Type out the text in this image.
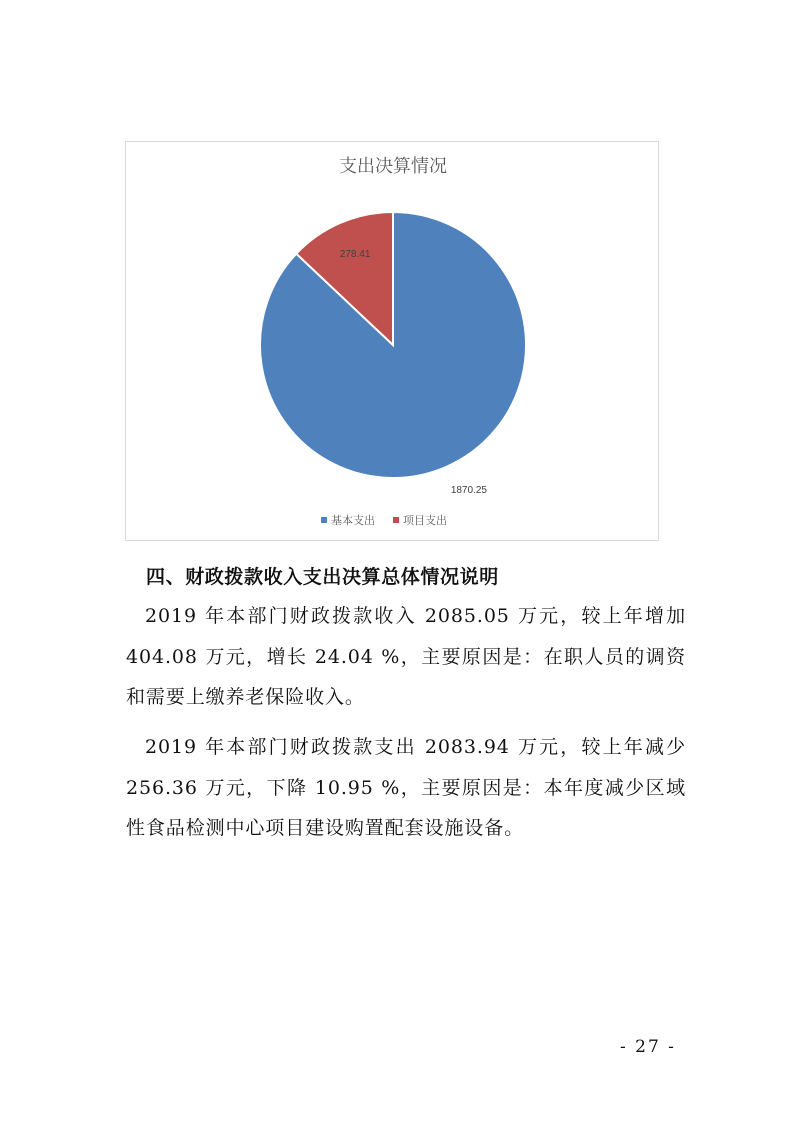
支出决算情况
1870.25
278.41
基本支出	项目支出
四、财政拨款收入支出决算总体情况说明

2019 年本部门财政拨款收入 2085.05 万元，较上年增加 404.08 万元，增长 24.04 %，主要原因是：在职人员的调资和需要上缴养老保险收入。

2019 年本部门财政拨款支出 2083.94 万元，较上年减少 256.36 万元，下降 10.95 %，主要原因是：本年度减少区域性食品检测中心项目建设购置配套设施设备。

- 27 -
